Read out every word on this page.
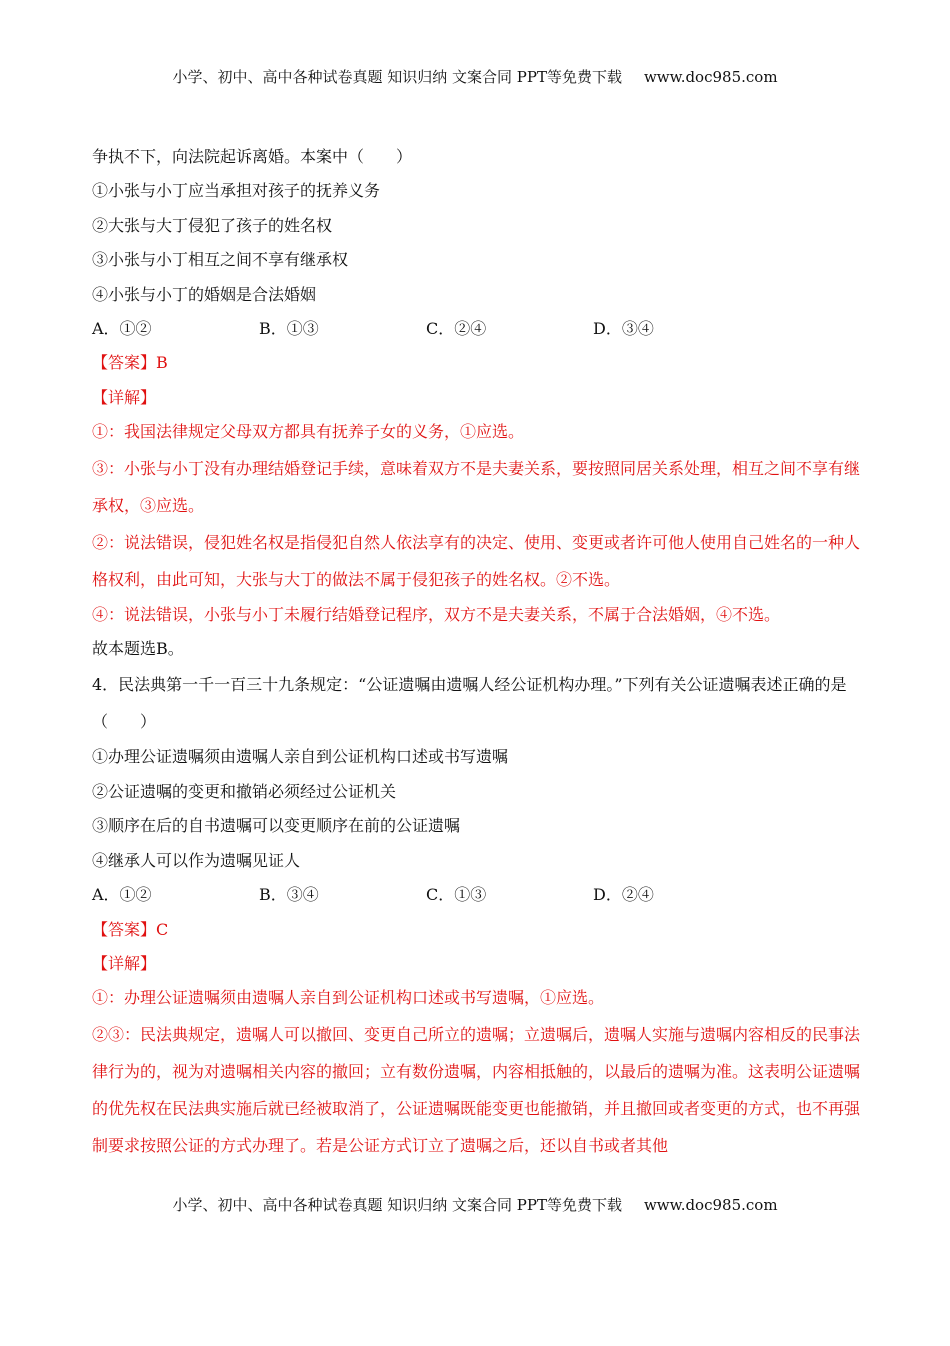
小学、初中、高中各种试卷真题 知识归纳 文案合同 PPT等免费下载 www.doc985.com
争执不下，向法院起诉离婚。本案中（　　）
①小张与小丁应当承担对孩子的抚养义务
②大张与大丁侵犯了孩子的姓名权
③小张与小丁相互之间不享有继承权
④小张与小丁的婚姻是合法婚姻
A．①②	B．①③	C．②④	D．③④
【答案】B
【详解】
①：我国法律规定父母双方都具有抚养子女的义务，①应选。
③：小张与小丁没有办理结婚登记手续，意味着双方不是夫妻关系，要按照同居关系处理，相互之间不享有继承权，③应选。
②：说法错误，侵犯姓名权是指侵犯自然人依法享有的决定、使用、变更或者许可他人使用自己姓名的一种人格权利，由此可知，大张与大丁的做法不属于侵犯孩子的姓名权。②不选。
④：说法错误，小张与小丁未履行结婚登记程序，双方不是夫妻关系，不属于合法婚姻，④不选。
故本题选B。
4．民法典第一千一百三十九条规定：“公证遗嘱由遗嘱人经公证机构办理。”下列有关公证遗嘱表述正确的是（　　）
①办理公证遗嘱须由遗嘱人亲自到公证机构口述或书写遗嘱
②公证遗嘱的变更和撤销必须经过公证机关
③顺序在后的自书遗嘱可以变更顺序在前的公证遗嘱
④继承人可以作为遗嘱见证人
A．①②	B．③④	C．①③	D．②④
【答案】C
【详解】
①：办理公证遗嘱须由遗嘱人亲自到公证机构口述或书写遗嘱，①应选。
②③：民法典规定，遗嘱人可以撤回、变更自己所立的遗嘱；立遗嘱后，遗嘱人实施与遗嘱内容相反的民事法律行为的，视为对遗嘱相关内容的撤回；立有数份遗嘱，内容相抵触的，以最后的遗嘱为准。这表明公证遗嘱的优先权在民法典实施后就已经被取消了，公证遗嘱既能变更也能撤销，并且撤回或者变更的方式，也不再强制要求按照公证的方式办理了。若是公证方式订立了遗嘱之后，还以自书或者其他
小学、初中、高中各种试卷真题 知识归纳 文案合同 PPT等免费下载 www.doc985.com
